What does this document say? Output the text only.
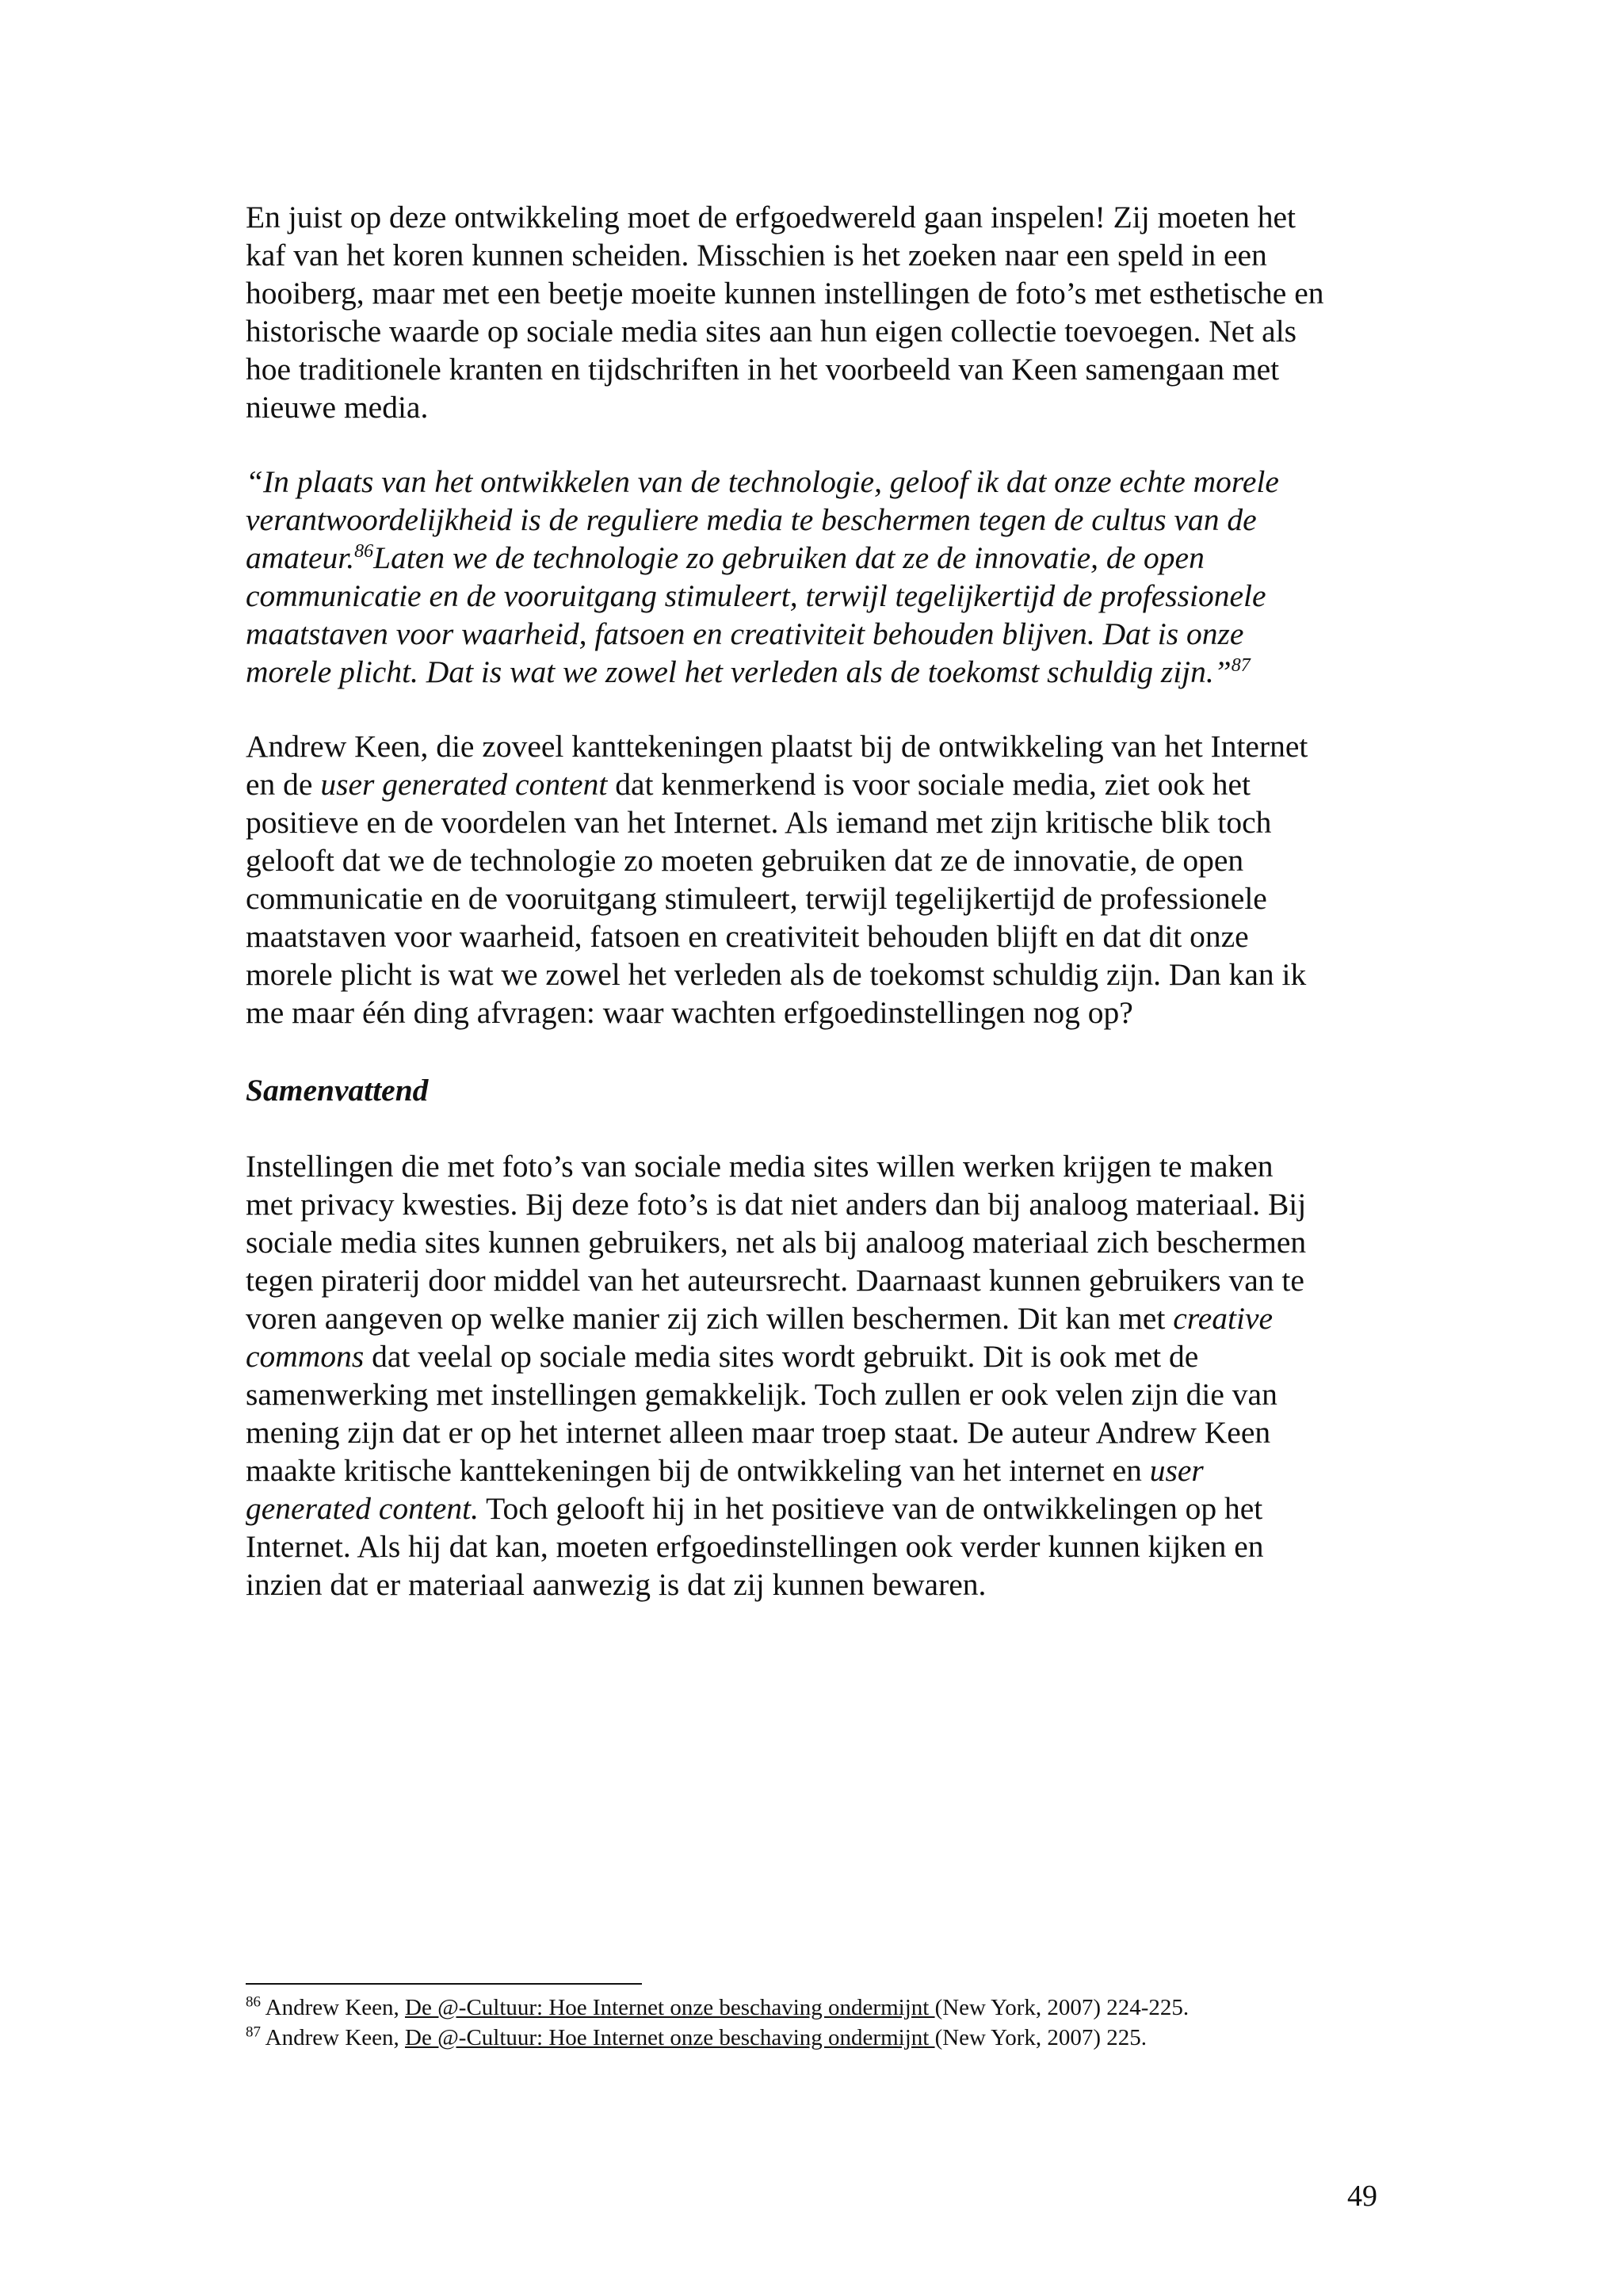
En juist op deze ontwikkeling moet de erfgoedwereld gaan inspelen! Zij moeten het
kaf van het koren kunnen scheiden. Misschien is het zoeken naar een speld in een
hooiberg, maar met een beetje moeite kunnen instellingen de foto’s met esthetische en
historische waarde op sociale media sites aan hun eigen collectie toevoegen. Net als
hoe traditionele kranten en tijdschriften in het voorbeeld van Keen samengaan met
nieuwe media.
“In plaats van het ontwikkelen van de technologie, geloof ik dat onze echte morele
verantwoordelijkheid is de reguliere media te beschermen tegen de cultus van de
amateur.$^{86}$Laten we de technologie zo gebruiken dat ze de innovatie, de open
communicatie en de vooruitgang stimuleert, terwijl tegelijkertijd de professionele
maatstaven voor waarheid, fatsoen en creativiteit behouden blijven. Dat is onze
morele plicht. Dat is wat we zowel het verleden als de toekomst schuldig zijn.”$^{87}$
Andrew Keen, die zoveel kanttekeningen plaatst bij de ontwikkeling van het Internet
en de user generated content dat kenmerkend is voor sociale media, ziet ook het
positieve en de voordelen van het Internet. Als iemand met zijn kritische blik toch
gelooft dat we de technologie zo moeten gebruiken dat ze de innovatie, de open
communicatie en de vooruitgang stimuleert, terwijl tegelijkertijd de professionele
maatstaven voor waarheid, fatsoen en creativiteit behouden blijft en dat dit onze
morele plicht is wat we zowel het verleden als de toekomst schuldig zijn. Dan kan ik
me maar één ding afvragen: waar wachten erfgoedinstellingen nog op?
Samenvattend
Instellingen die met foto’s van sociale media sites willen werken krijgen te maken
met privacy kwesties. Bij deze foto’s is dat niet anders dan bij analoog materiaal. Bij
sociale media sites kunnen gebruikers, net als bij analoog materiaal zich beschermen
tegen piraterij door middel van het auteursrecht. Daarnaast kunnen gebruikers van te
voren aangeven op welke manier zij zich willen beschermen. Dit kan met creative
commons dat veelal op sociale media sites wordt gebruikt. Dit is ook met de
samenwerking met instellingen gemakkelijk. Toch zullen er ook velen zijn die van
mening zijn dat er op het internet alleen maar troep staat. De auteur Andrew Keen
maakte kritische kanttekeningen bij de ontwikkeling van het internet en user
generated content. Toch gelooft hij in het positieve van de ontwikkelingen op het
Internet. Als hij dat kan, moeten erfgoedinstellingen ook verder kunnen kijken en
inzien dat er materiaal aanwezig is dat zij kunnen bewaren.
$^{86}$ Andrew Keen, De @-Cultuur: Hoe Internet onze beschaving ondermijnt (New York, 2007) 224-225.
$^{87}$ Andrew Keen, De @-Cultuur: Hoe Internet onze beschaving ondermijnt (New York, 2007) 225.
49
